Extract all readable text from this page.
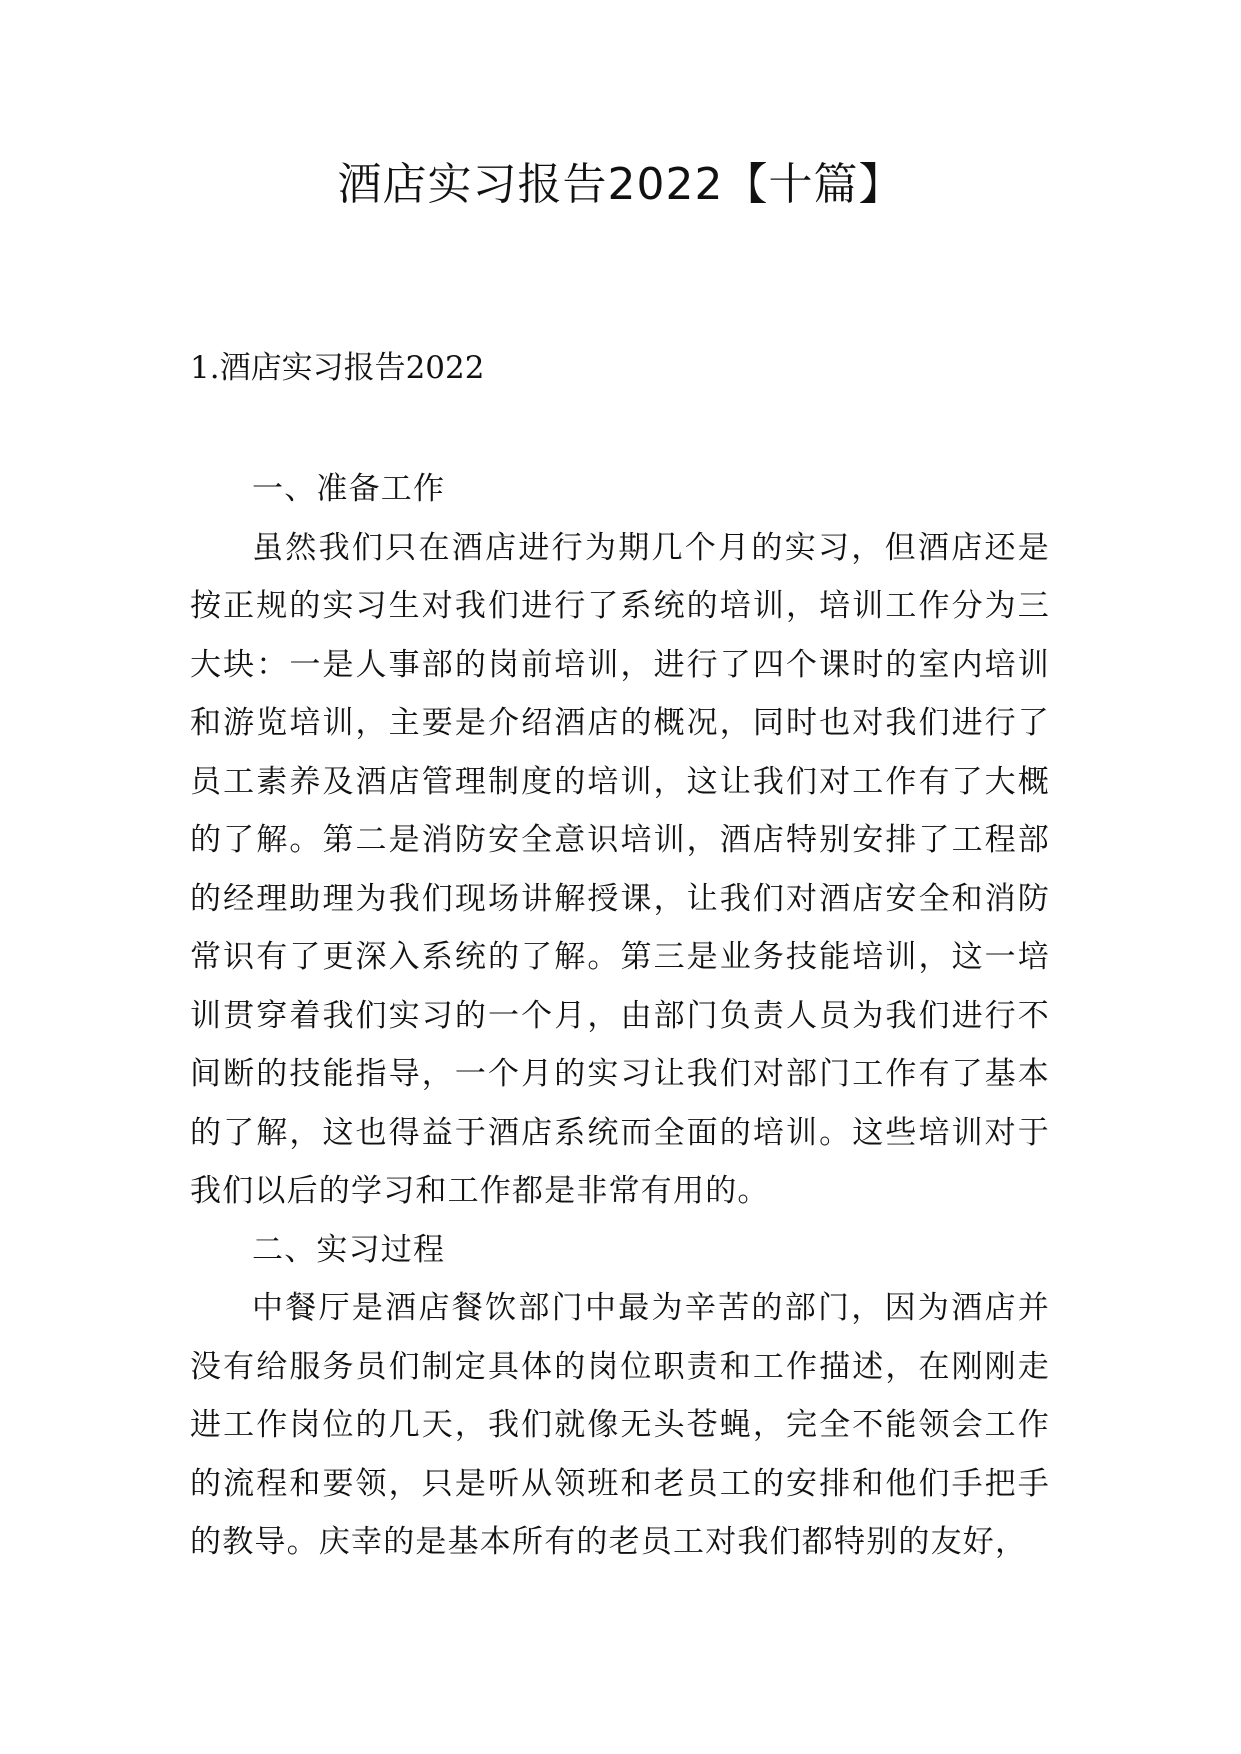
酒店实习报告2022【十篇】
1.酒店实习报告2022

一、准备工作

虽然我们只在酒店进行为期几个月的实习，但酒店还是按正规的实习生对我们进行了系统的培训，培训工作分为三大块：一是人事部的岗前培训，进行了四个课时的室内培训和游览培训，主要是介绍酒店的概况，同时也对我们进行了员工素养及酒店管理制度的培训，这让我们对工作有了大概的了解。第二是消防安全意识培训，酒店特别安排了工程部的经理助理为我们现场讲解授课，让我们对酒店安全和消防常识有了更深入系统的了解。第三是业务技能培训，这一培训贯穿着我们实习的一个月，由部门负责人员为我们进行不间断的技能指导，一个月的实习让我们对部门工作有了基本的了解，这也得益于酒店系统而全面的培训。这些培训对于我们以后的学习和工作都是非常有用的。

二、实习过程

中餐厅是酒店餐饮部门中最为辛苦的部门，因为酒店并没有给服务员们制定具体的岗位职责和工作描述，在刚刚走进工作岗位的几天，我们就像无头苍蝇，完全不能领会工作的流程和要领，只是听从领班和老员工的安排和他们手把手的教导。庆幸的是基本所有的老员工对我们都特别的友好，
